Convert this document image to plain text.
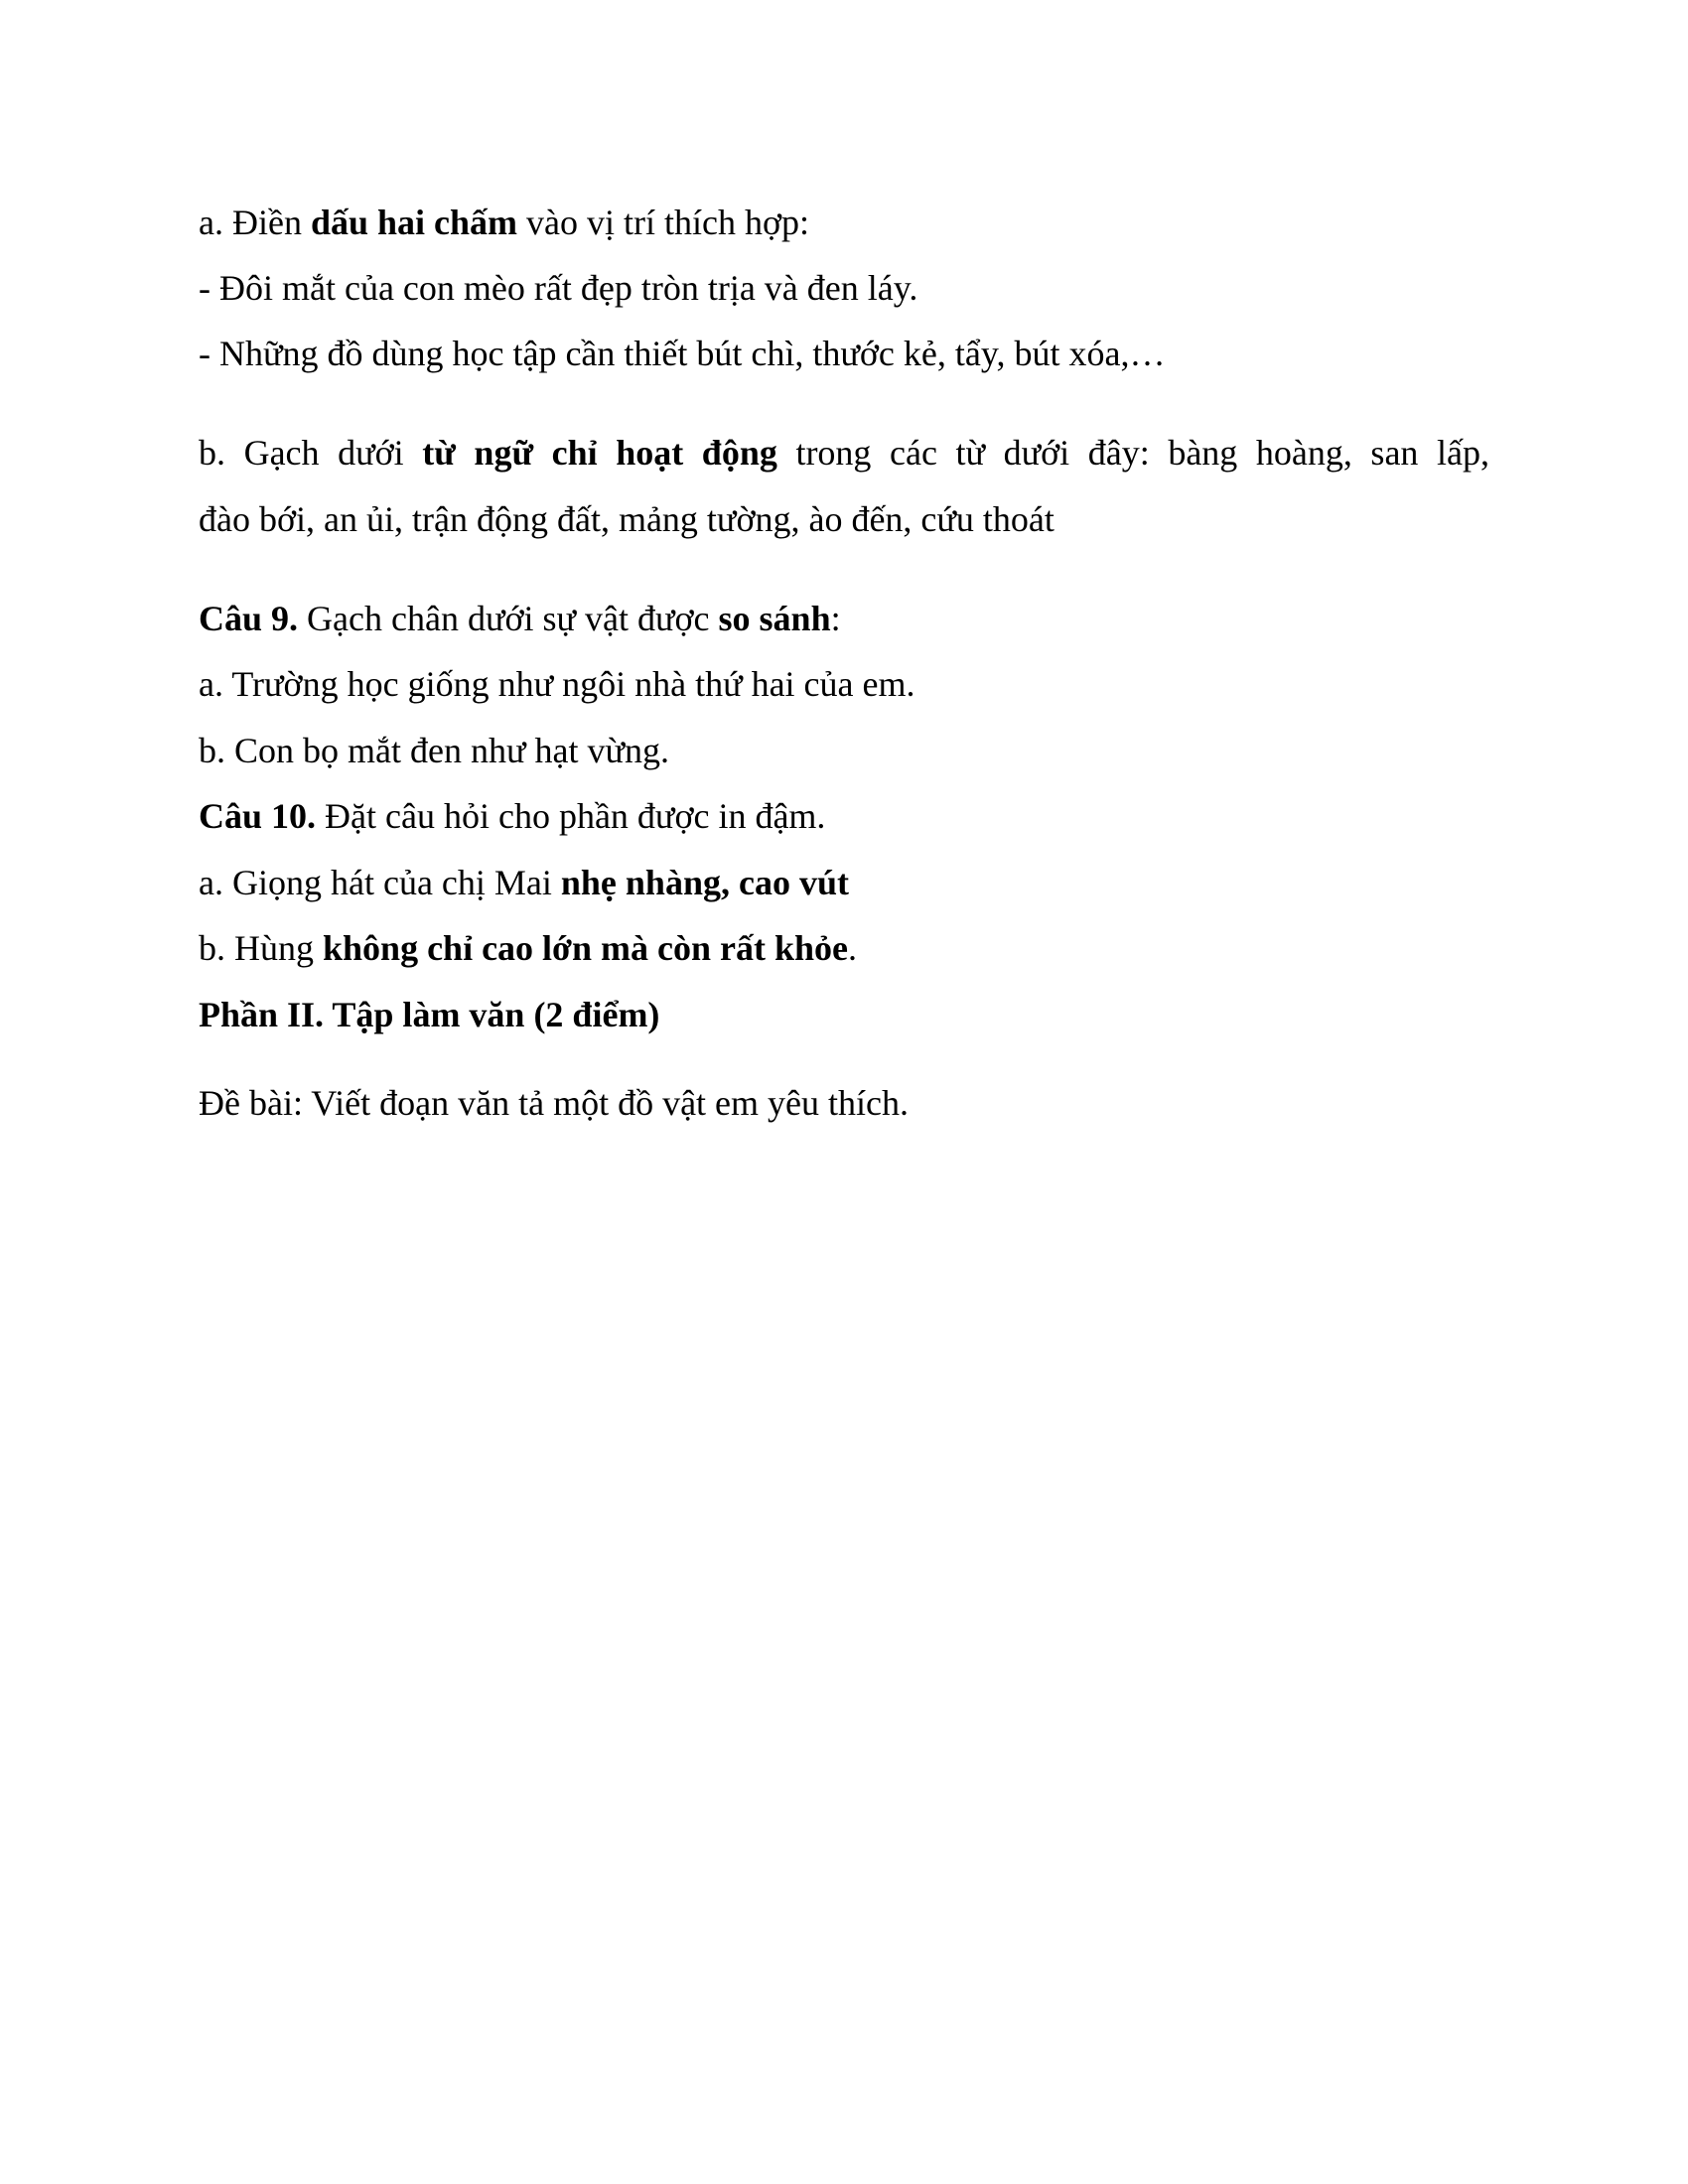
a. Điền dấu hai chấm vào vị trí thích hợp:
- Đôi mắt của con mèo rất đẹp tròn trịa và đen láy.
- Những đồ dùng học tập cần thiết bút chì, thước kẻ, tẩy, bút xóa,…
b. Gạch dưới từ ngữ chỉ hoạt động trong các từ dưới đây: bàng hoàng, san lấp,
đào bới, an ủi, trận động đất, mảng tường, ào đến, cứu thoát
Câu 9. Gạch chân dưới sự vật được so sánh:
a. Trường học giống như ngôi nhà thứ hai của em.
b. Con bọ mắt đen như hạt vừng.
Câu 10. Đặt câu hỏi cho phần được in đậm.
a. Giọng hát của chị Mai nhẹ nhàng, cao vút
b. Hùng không chỉ cao lớn mà còn rất khỏe.
Phần II. Tập làm văn (2 điểm)
Đề bài: Viết đoạn văn tả một đồ vật em yêu thích.
